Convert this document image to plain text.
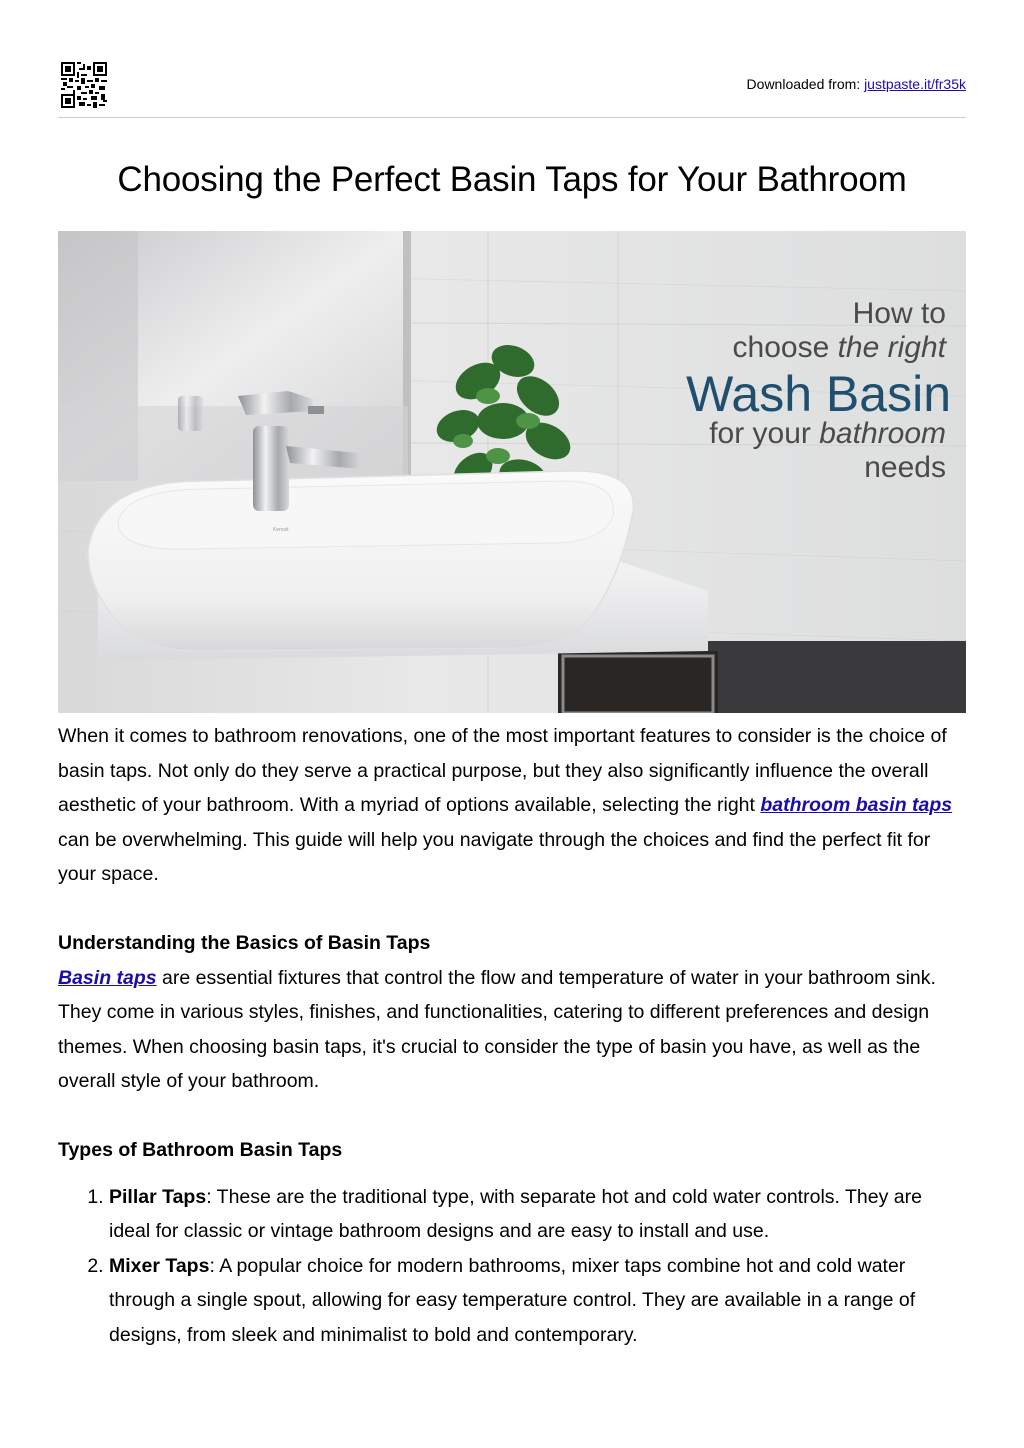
Downloaded from: justpaste.it/fr35k
Choosing the Perfect Basin Taps for Your Bathroom
How to
choose the right
Wash Basin
for your bathroom
needs
Kerovit

When it comes to bathroom renovations, one of the most important features to consider is the choice of basin taps. Not only do they serve a practical purpose, but they also significantly influence the overall aesthetic of your bathroom. With a myriad of options available, selecting the right bathroom basin taps can be overwhelming. This guide will help you navigate through the choices and find the perfect fit for your space.

Understanding the Basics of Basin Taps

Basin taps are essential fixtures that control the flow and temperature of water in your bathroom sink. They come in various styles, finishes, and functionalities, catering to different preferences and design themes. When choosing basin taps, it's crucial to consider the type of basin you have, as well as the overall style of your bathroom.

Types of Bathroom Basin Taps
1. Pillar Taps: These are the traditional type, with separate hot and cold water controls. They are ideal for classic or vintage bathroom designs and are easy to install and use.
2. Mixer Taps: A popular choice for modern bathrooms, mixer taps combine hot and cold water through a single spout, allowing for easy temperature control. They are available in a range of designs, from sleek and minimalist to bold and contemporary.
